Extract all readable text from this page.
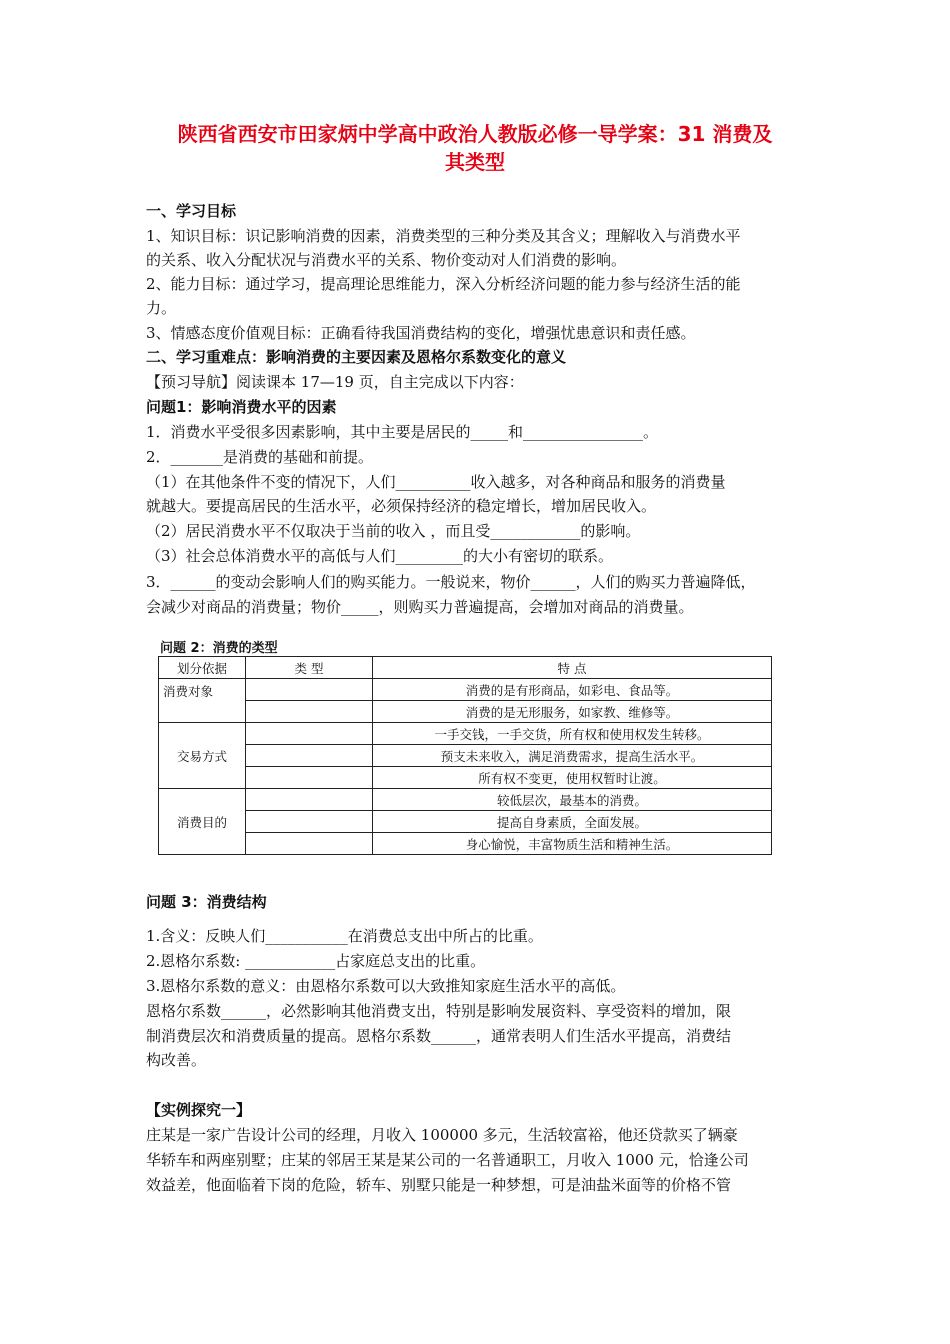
陕西省西安市田家炳中学高中政治人教版必修一导学案：31 消费及
其类型
一、学习目标
1、知识目标：识记影响消费的因素，消费类型的三种分类及其含义；理解收入与消费水平
的关系、收入分配状况与消费水平的关系、物价变动对人们消费的影响。
2、能力目标：通过学习，提高理论思维能力，深入分析经济问题的能力参与经济生活的能
力。
3、情感态度价值观目标：正确看待我国消费结构的变化，增强忧患意识和责任感。
二、学习重难点：影响消费的主要因素及恩格尔系数变化的意义
【预习导航】阅读课本 17—19 页，自主完成以下内容：
问题1：影响消费水平的因素
1．消费水平受很多因素影响，其中主要是居民的_____和________________。
2．_______是消费的基础和前提。
（1）在其他条件不变的情况下，人们__________收入越多，对各种商品和服务的消费量
就越大。要提高居民的生活水平，必须保持经济的稳定增长，增加居民收入。
（2）居民消费水平不仅取决于当前的收入 ，而且受____________的影响。
（3）社会总体消费水平的高低与人们_________的大小有密切的联系。
3．______的变动会影响人们的购买能力。一般说来，物价______，人们的购买力普遍降低，
会减少对商品的消费量；物价_____，则购买力普遍提高，会增加对商品的消费量。
问题 2：消费的类型
划分依据	类 型	特 点
消费对象		消费的是有形商品，如彩电、食品等。
		消费的是无形服务，如家教、维修等。
交易方式		一手交钱，一手交货，所有权和使用权发生转移。
		预支未来收入，满足消费需求，提高生活水平。
		所有权不变更，使用权暂时让渡。
消费目的		较低层次，最基本的消费。
		提高自身素质，全面发展。
		身心愉悦，丰富物质生活和精神生活。
问题 3：消费结构
1.含义：反映人们___________在消费总支出中所占的比重。
2.恩格尔系数: ____________占家庭总支出的比重。
3.恩格尔系数的意义：由恩格尔系数可以大致推知家庭生活水平的高低。
恩格尔系数______，必然影响其他消费支出，特别是影响发展资料、享受资料的增加，限
制消费层次和消费质量的提高。恩格尔系数______，通常表明人们生活水平提高，消费结
构改善。
【实例探究一】
庄某是一家广告设计公司的经理，月收入 100000 多元，生活较富裕，他还贷款买了辆豪
华轿车和两座别墅；庄某的邻居王某是某公司的一名普通职工，月收入 1000 元，恰逢公司
效益差，他面临着下岗的危险，轿车、别墅只能是一种梦想，可是油盐米面等的价格不管
